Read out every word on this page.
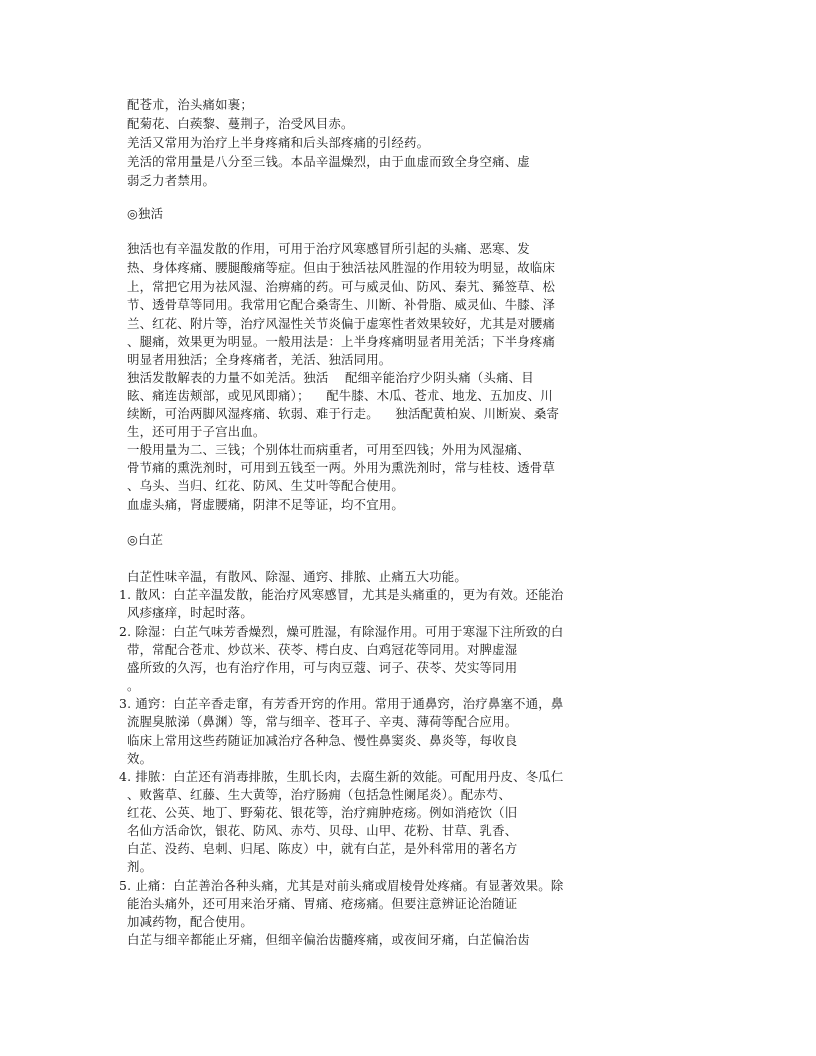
配苍朮，治头痛如裹；
配菊花、白蒺黎、蔓荆子，治受风目赤。
羌活又常用为治疗上半身疼痛和后头部疼痛的引经药。
羌活的常用量是八分至三钱。本品辛温燥烈，由于血虚而致全身空痛、虚
弱乏力者禁用。
◎独活
独活也有辛温发散的作用，可用于治疗风寒感冒所引起的头痛、恶寒、发
热、身体疼痛、腰腿酸痛等症。但由于独活祛风胜湿的作用较为明显，故临床
上，常把它用为祛风湿、治痹痛的药。可与威灵仙、防风、秦艽、豨签草、松
节、透骨草等同用。我常用它配合桑寄生、川断、补骨脂、威灵仙、牛膝、泽
兰、红花、附片等，治疗风湿性关节炎偏于虚寒性者效果较好，尤其是对腰痛
、腿痛，效果更为明显。一般用法是：上半身疼痛明显者用羌活；下半身疼痛
明显者用独活；全身疼痛者，羌活、独活同用。
独活发散解表的力量不如羌活。独活    配细辛能治疗少阴头痛（头痛、目
眩、痛连齿颊部，或见风即痛）；    配牛膝、木瓜、苍朮、地龙、五加皮、川
续断，可治两脚风湿疼痛、软弱、难于行走。    独活配黄柏炭、川断炭、桑寄
生，还可用于子宫出血。
一般用量为二、三钱；个别体壮而病重者，可用至四钱；外用为风湿痛、
骨节痛的熏洗剂时，可用到五钱至一两。外用为熏洗剂时，常与桂枝、透骨草
、乌头、当归、红花、防风、生艾叶等配合使用。
血虚头痛，肾虚腰痛，阴津不足等证，均不宜用。
◎白芷
白芷性味辛温，有散风、除湿、通窍、排脓、止痛五大功能。
1. 散风：白芷辛温发散，能治疗风寒感冒，尤其是头痛重的，更为有效。还能治
风疹瘙痒，时起时落。
2. 除湿：白芷气味芳香燥烈，燥可胜湿，有除湿作用。可用于寒湿下注所致的白
带，常配合苍朮、炒苡米、茯苓、樗白皮、白鸡冠花等同用。对脾虚湿
盛所致的久泻，也有治疗作用，可与肉豆蔻、诃子、茯苓、芡实等同用
。
3. 通窍：白芷辛香走窜，有芳香开窍的作用。常用于通鼻窍，治疗鼻塞不通，鼻
流腥臭脓涕（鼻渊）等，常与细辛、苍耳子、辛夷、薄荷等配合应用。
临床上常用这些药随证加减治疗各种急、慢性鼻窦炎、鼻炎等，每收良
效。
4. 排脓：白芷还有消毒排脓，生肌长肉，去腐生新的效能。可配用丹皮、冬瓜仁
、败酱草、红藤、生大黄等，治疗肠痈（包括急性阑尾炎）。配赤芍、
红花、公英、地丁、野菊花、银花等，治疗痈肿疮疡。例如消疮饮（旧
名仙方活命饮，银花、防风、赤芍、贝母、山甲、花粉、甘草、乳香、
白芷、没药、皂刺、归尾、陈皮）中，就有白芷，是外科常用的著名方
剂。
5. 止痛：白芷善治各种头痛，尤其是对前头痛或眉棱骨处疼痛。有显著效果。除
能治头痛外，还可用来治牙痛、胃痛、疮疡痛。但要注意辨证论治随证
加减药物，配合使用。
白芷与细辛都能止牙痛，但细辛偏治齿髓疼痛，或夜间牙痛，白芷偏治齿
